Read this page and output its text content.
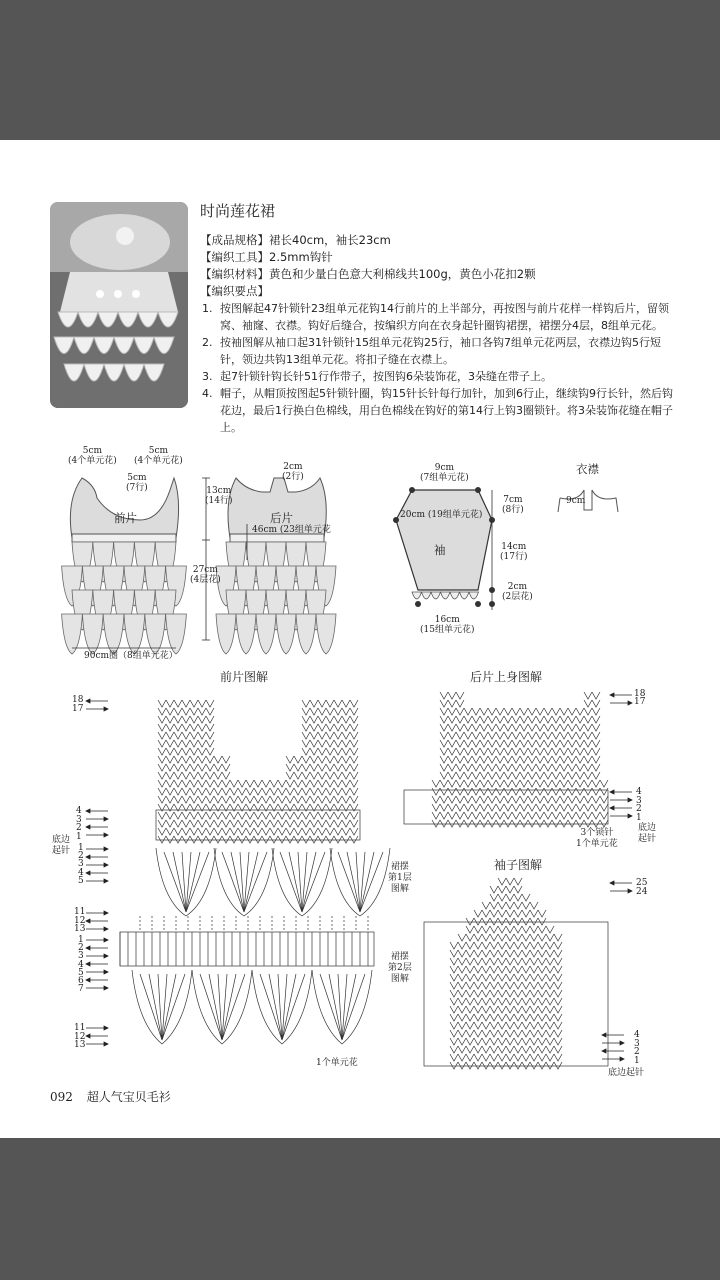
时尚莲花裙
【成品规格】裙长40cm，袖长23cm
【编织工具】2.5mm钩针
【编织材料】黄色和少量白色意大利棉线共100g，黄色小花扣2颗
【编织要点】
1. 按图解起47针锁针23组单元花钩14行前片的上半部分，再按图与前片花样一样钩后片，留领窝、袖窿、衣襟。钩好后缝合，按编织方向在衣身起针圈钩裙摆，裙摆分4层，8组单元花。
2. 按袖图解从袖口起31针锁针15组单元花钩25行，袖口各钩7组单元花两层，衣襟边钩5行短针，领边共钩13组单元花。将扣子缝在衣襟上。
3. 起7针锁针钩长针51行作带子，按图钩6朵装饰花，3朵缝在带子上。
4. 帽子，从帽顶按图起5针锁针圈，钩15针长针每行加针，加到6行止，继续钩9行长针，然后钩花边，最后1行换白色棉线，用白色棉线在钩好的第14行上钩3圈锁针。将3朵装饰花缝在帽子上。
5cm
(4个单元花)
5cm
(4个单元花)
5cm
(7行)
前片
13cm
(14行)
27cm
(4层花)
90cm圈（8组单元花）
2cm
(2行)
后片
46cm (23组单元花
9cm
(7组单元花)
20cm (19组单元花)
袖
7cm
(8行)
14cm
(17行)
2cm
(2层花)
16cm
(15组单元花)
衣襟
9cm
前片图解	后片上身图解
袖子图解
18
17
4
3
2
1
底边
起针 1
2
3
4
5
11
12
13
1
2
3
4
5
6
7
11
12
13
裙摆
第1层
图解
裙摆
第2层
图解
1个单元花
18
17
4
3
2
1
底边
起针
3个锁针
1个单元花
25
24
4
3
2
1
底边起针
092 超人气宝贝毛衫
